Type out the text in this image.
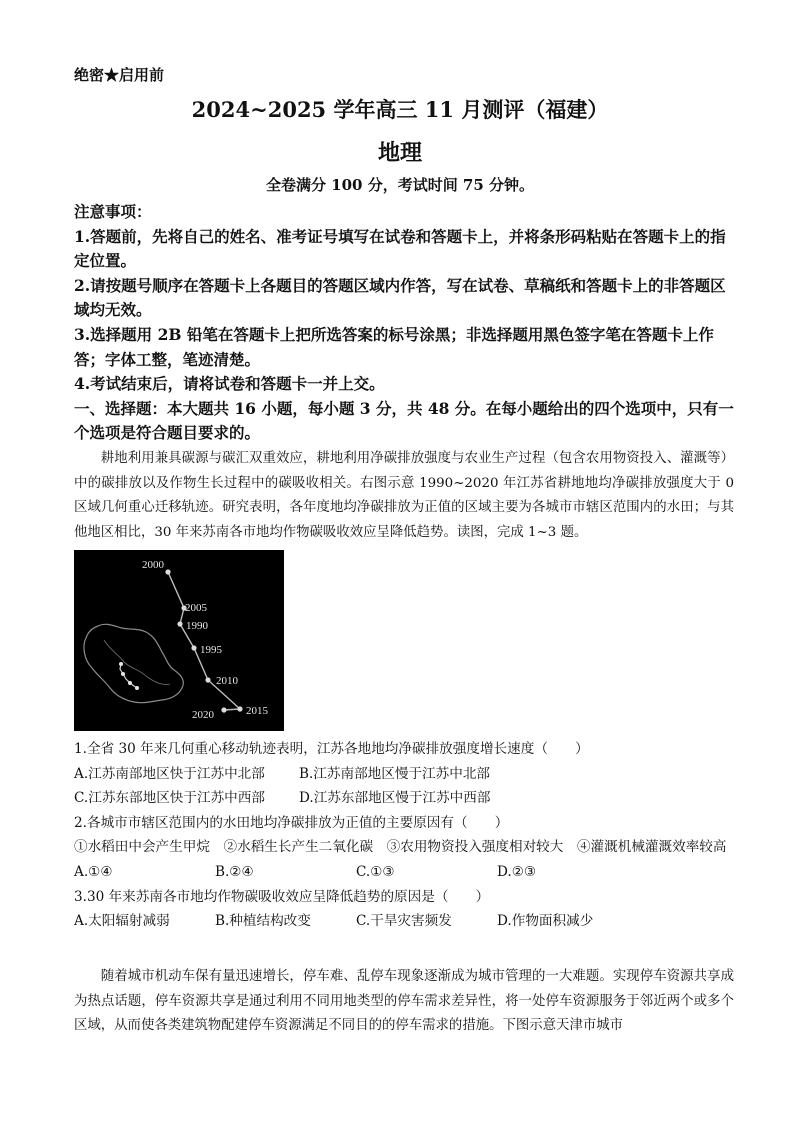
绝密★启用前
2024~2025 学年高三 11 月测评（福建）
地理
全卷满分 100 分，考试时间 75 分钟。

注意事项：

1.答题前，先将自己的姓名、准考证号填写在试卷和答题卡上，并将条形码粘贴在答题卡上的指定位置。

2.请按题号顺序在答题卡上各题目的答题区域内作答，写在试卷、草稿纸和答题卡上的非答题区域均无效。

3.选择题用 2B 铅笔在答题卡上把所选答案的标号涂黑；非选择题用黑色签字笔在答题卡上作答；字体工整，笔迹清楚。

4.考试结束后，请将试卷和答题卡一并上交。

一、选择题：本大题共 16 小题，每小题 3 分，共 48 分。在每小题给出的四个选项中，只有一个选项是符合题目要求的。

耕地利用兼具碳源与碳汇双重效应，耕地利用净碳排放强度与农业生产过程（包含农用物资投入、灌溉等）中的碳排放以及作物生长过程中的碳吸收相关。右图示意 1990~2020 年江苏省耕地地均净碳排放强度大于 0 区域几何重心迁移轨迹。研究表明，各年度地均净碳排放为正值的区域主要为各城市市辖区范围内的水田；与其他地区相比，30 年来苏南各市地均作物碳吸收效应呈降低趋势。读图，完成 1~3 题。

2000
2005
1990
1995
2010
2020	2015

1.全省 30 年来几何重心移动轨迹表明，江苏各地地均净碳排放强度增长速度（　　）

A.江苏南部地区快于江苏中北部	B.江苏南部地区慢于江苏中北部
C.江苏东部地区快于江苏中西部	D.江苏东部地区慢于江苏中西部

2.各城市市辖区范围内的水田地均净碳排放为正值的主要原因有（　　）

①水稻田中会产生甲烷　②水稻生长产生二氧化碳　③农用物资投入强度相对较大　④灌溉机械灌溉效率较高

A.①④	B.②④	C.①③	D.②③

3.30 年来苏南各市地均作物碳吸收效应呈降低趋势的原因是（　　）

A.太阳辐射减弱	B.种植结构改变	C.干旱灾害频发	D.作物面积减少

随着城市机动车保有量迅速增长，停车难、乱停车现象逐渐成为城市管理的一大难题。实现停车资源共享成为热点话题，停车资源共享是通过利用不同用地类型的停车需求差异性，将一处停车资源服务于邻近两个或多个区域，从而使各类建筑物配建停车资源满足不同目的的停车需求的措施。下图示意天津市城市
